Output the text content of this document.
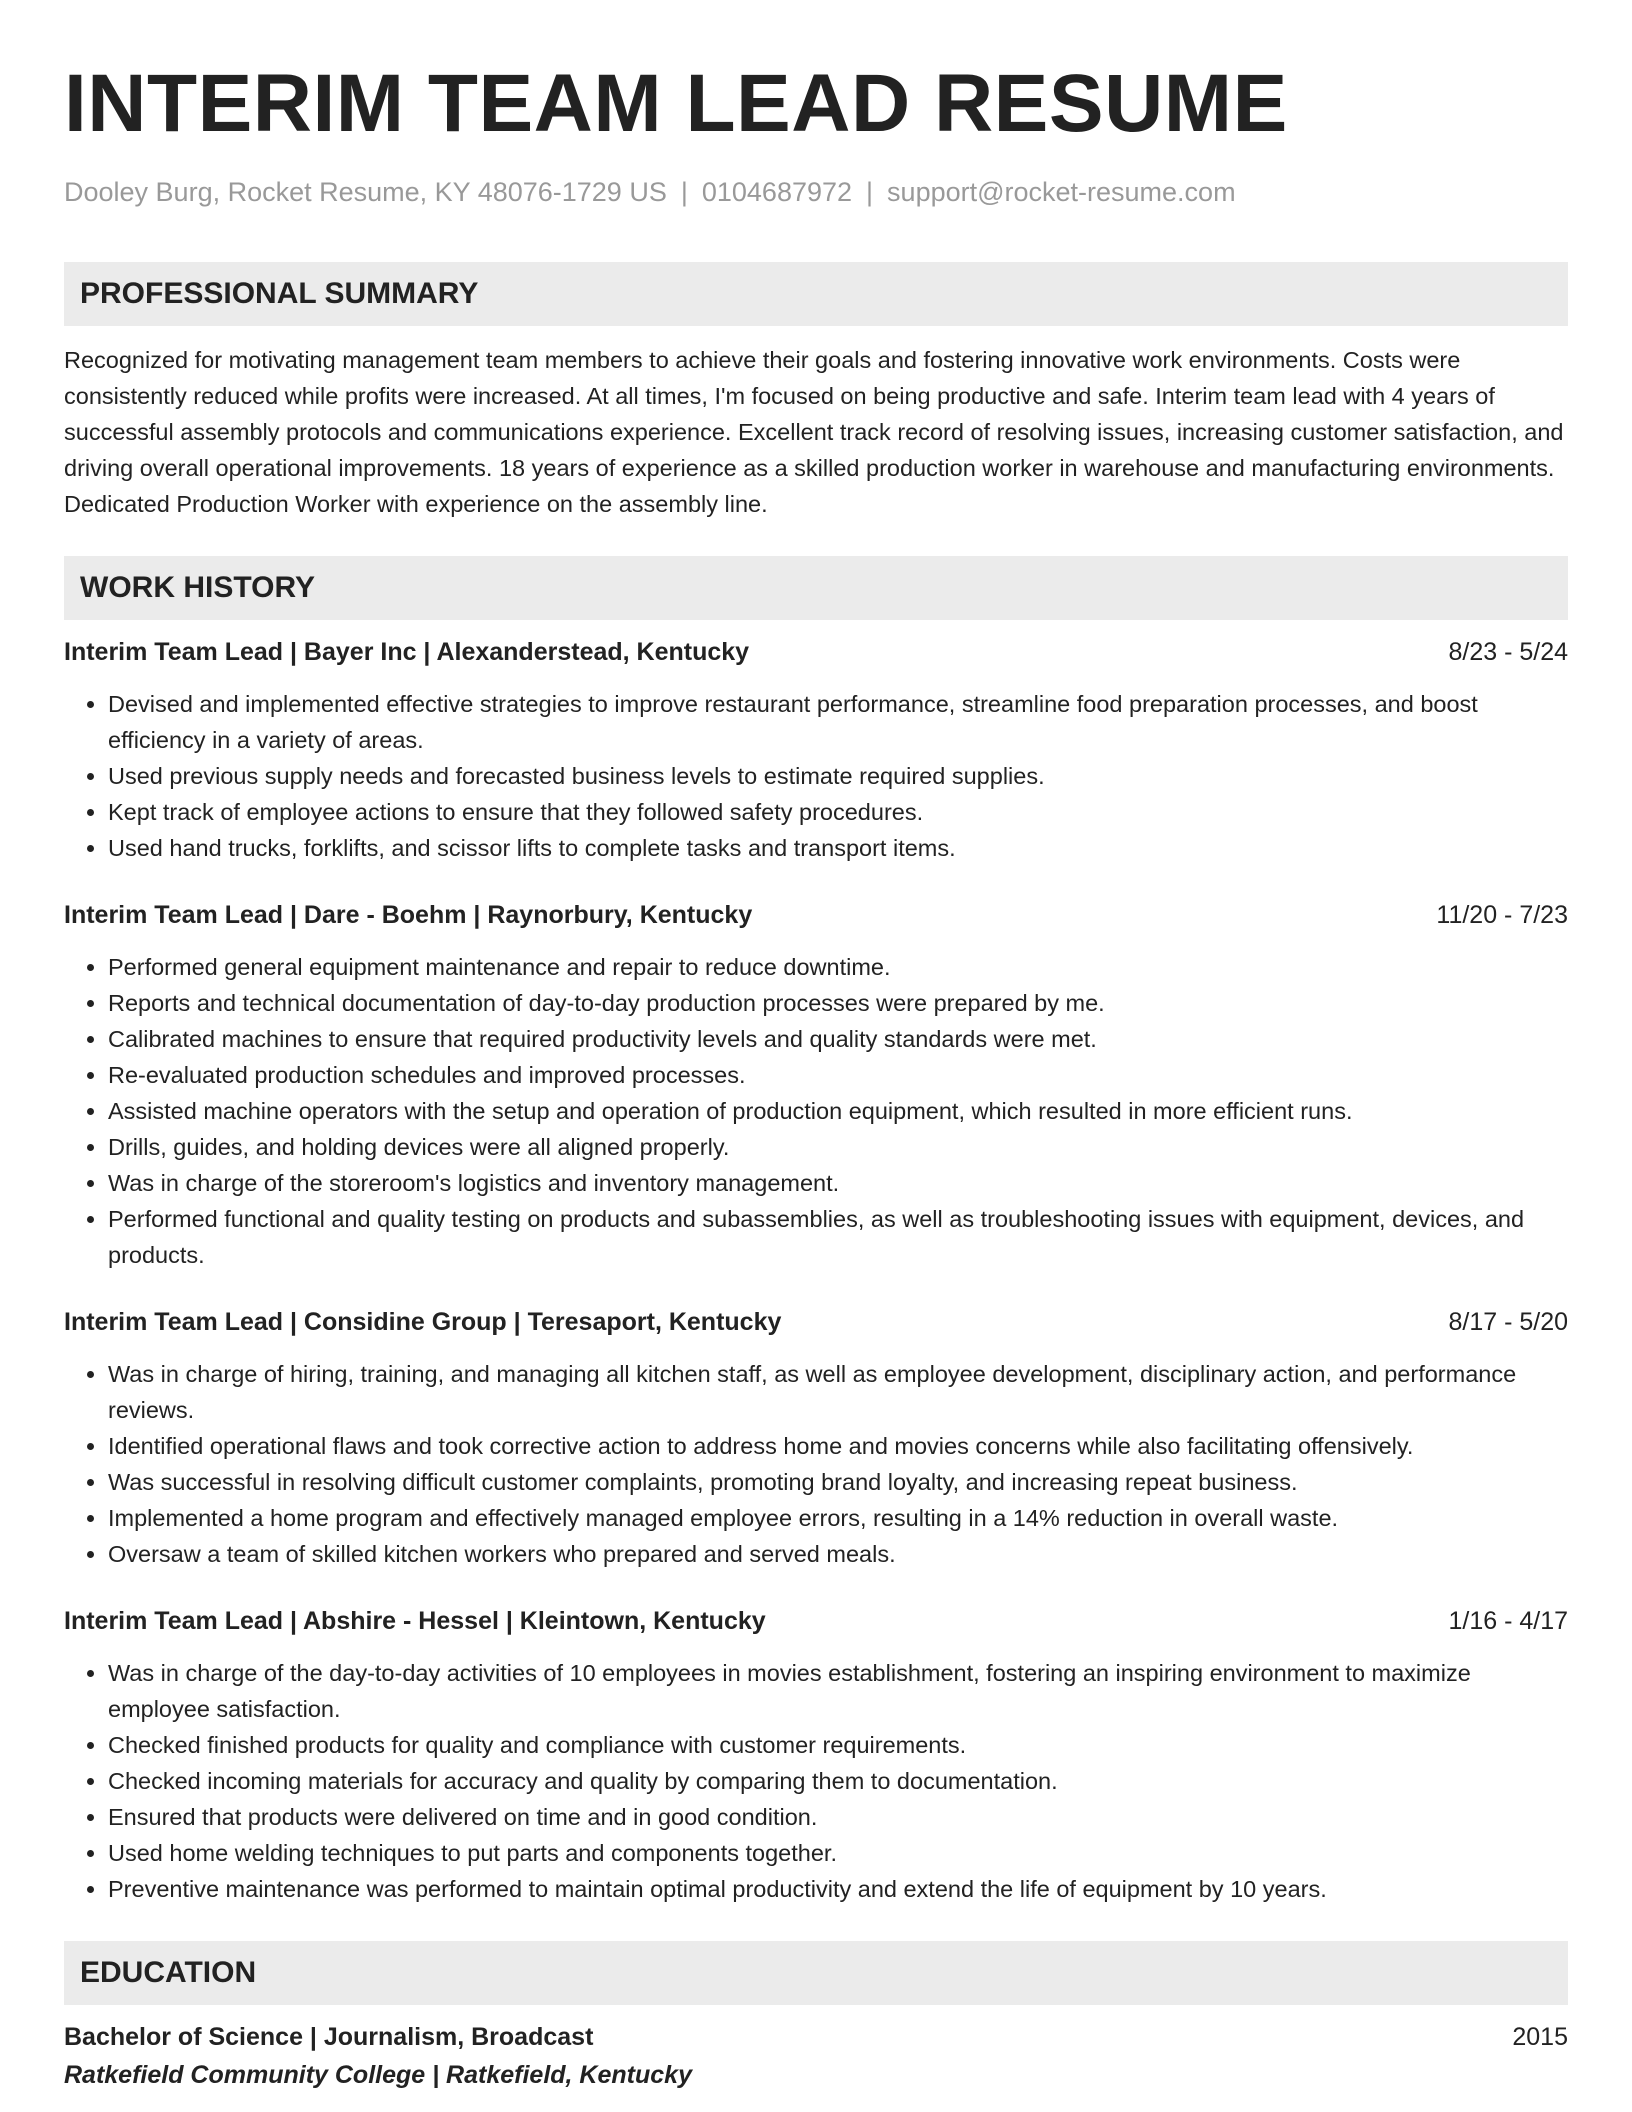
INTERIM TEAM LEAD RESUME
Dooley Burg, Rocket Resume, KY 48076-1729 US | 0104687972 | support@rocket-resume.com
PROFESSIONAL SUMMARY

Recognized for motivating management team members to achieve their goals and fostering innovative work environments. Costs were consistently reduced while profits were increased. At all times, I'm focused on being productive and safe. Interim team lead with 4 years of successful assembly protocols and communications experience. Excellent track record of resolving issues, increasing customer satisfaction, and driving overall operational improvements. 18 years of experience as a skilled production worker in warehouse and manufacturing environments. Dedicated Production Worker with experience on the assembly line.

WORK HISTORY
Interim Team Lead | Bayer Inc | Alexanderstead, Kentucky	8/23 - 5/24
• Devised and implemented effective strategies to improve restaurant performance, streamline food preparation processes, and boost efficiency in a variety of areas.
• Used previous supply needs and forecasted business levels to estimate required supplies.
• Kept track of employee actions to ensure that they followed safety procedures.
• Used hand trucks, forklifts, and scissor lifts to complete tasks and transport items.
Interim Team Lead | Dare - Boehm | Raynorbury, Kentucky	11/20 - 7/23
• Performed general equipment maintenance and repair to reduce downtime.
• Reports and technical documentation of day-to-day production processes were prepared by me.
• Calibrated machines to ensure that required productivity levels and quality standards were met.
• Re-evaluated production schedules and improved processes.
• Assisted machine operators with the setup and operation of production equipment, which resulted in more efficient runs.
• Drills, guides, and holding devices were all aligned properly.
• Was in charge of the storeroom's logistics and inventory management.
• Performed functional and quality testing on products and subassemblies, as well as troubleshooting issues with equipment, devices, and products.
Interim Team Lead | Considine Group | Teresaport, Kentucky	8/17 - 5/20
• Was in charge of hiring, training, and managing all kitchen staff, as well as employee development, disciplinary action, and performance reviews.
• Identified operational flaws and took corrective action to address home and movies concerns while also facilitating offensively.
• Was successful in resolving difficult customer complaints, promoting brand loyalty, and increasing repeat business.
• Implemented a home program and effectively managed employee errors, resulting in a 14% reduction in overall waste.
• Oversaw a team of skilled kitchen workers who prepared and served meals.
Interim Team Lead | Abshire - Hessel | Kleintown, Kentucky	1/16 - 4/17
• Was in charge of the day-to-day activities of 10 employees in movies establishment, fostering an inspiring environment to maximize employee satisfaction.
• Checked finished products for quality and compliance with customer requirements.
• Checked incoming materials for accuracy and quality by comparing them to documentation.
• Ensured that products were delivered on time and in good condition.
• Used home welding techniques to put parts and components together.
• Preventive maintenance was performed to maintain optimal productivity and extend the life of equipment by 10 years.
EDUCATION
Bachelor of Science | Journalism, Broadcast	2015
Ratkefield Community College | Ratkefield, Kentucky
